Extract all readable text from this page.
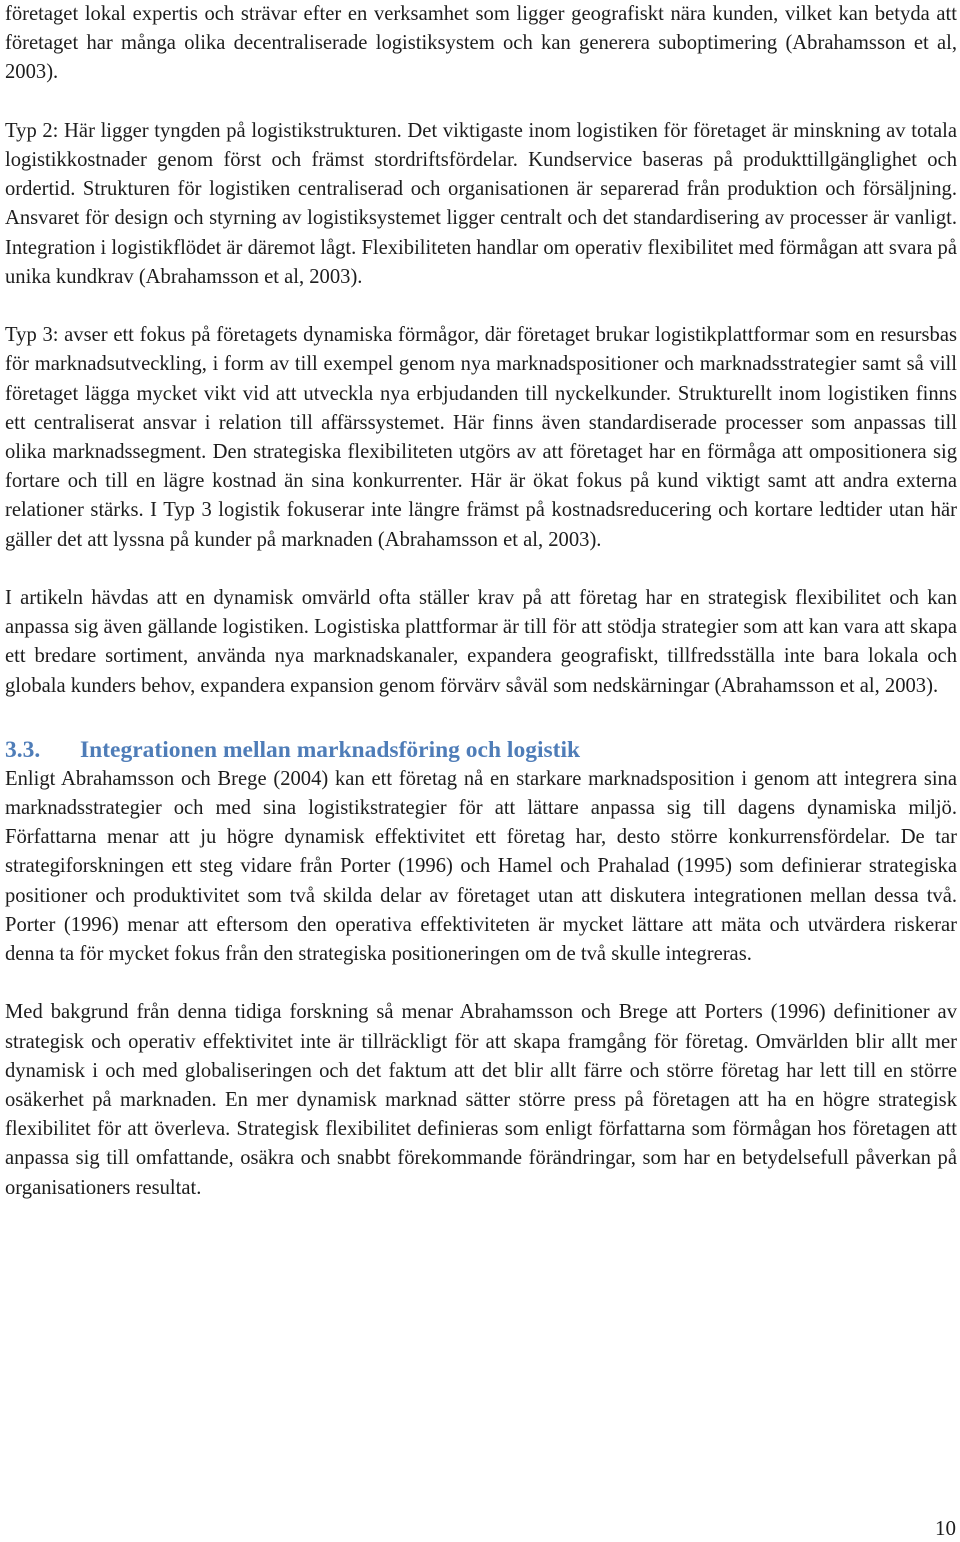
företaget lokal expertis och strävar efter en verksamhet som ligger geografiskt nära kunden, vilket kan betyda att företaget har många olika decentraliserade logistiksystem och kan generera suboptimering (Abrahamsson et al, 2003).

Typ 2: Här ligger tyngden på logistikstrukturen. Det viktigaste inom logistiken för företaget är minskning av totala logistikkostnader genom först och främst stordriftsfördelar. Kundservice baseras på produkttillgänglighet och ordertid. Strukturen för logistiken centraliserad och organisationen är separerad från produktion och försäljning. Ansvaret för design och styrning av logistiksystemet ligger centralt och det standardisering av processer är vanligt. Integration i logistikflödet är däremot lågt. Flexibiliteten handlar om operativ flexibilitet med förmågan att svara på unika kundkrav (Abrahamsson et al, 2003).

Typ 3: avser ett fokus på företagets dynamiska förmågor, där företaget brukar logistikplattformar som en resursbas för marknadsutveckling, i form av till exempel genom nya marknadspositioner och marknadsstrategier samt så vill företaget lägga mycket vikt vid att utveckla nya erbjudanden till nyckelkunder. Strukturellt inom logistiken finns ett centraliserat ansvar i relation till affärssystemet. Här finns även standardiserade processer som anpassas till olika marknadssegment. Den strategiska flexibiliteten utgörs av att företaget har en förmåga att ompositionera sig fortare och till en lägre kostnad än sina konkurrenter. Här är ökat fokus på kund viktigt samt att andra externa relationer stärks. I Typ 3 logistik fokuserar inte längre främst på kostnadsreducering och kortare ledtider utan här gäller det att lyssna på kunder på marknaden (Abrahamsson et al, 2003).

I artikeln hävdas att en dynamisk omvärld ofta ställer krav på att företag har en strategisk flexibilitet och kan anpassa sig även gällande logistiken. Logistiska plattformar är till för att stödja strategier som att kan vara att skapa ett bredare sortiment, använda nya marknadskanaler, expandera geografiskt, tillfredsställa inte bara lokala och globala kunders behov, expandera expansion genom förvärv såväl som nedskärningar (Abrahamsson et al, 2003).

3.3. Integrationen mellan marknadsföring och logistik

Enligt Abrahamsson och Brege (2004) kan ett företag nå en starkare marknadsposition i genom att integrera sina marknadsstrategier och med sina logistikstrategier för att lättare anpassa sig till dagens dynamiska miljö. Författarna menar att ju högre dynamisk effektivitet ett företag har, desto större konkurrensfördelar. De tar strategiforskningen ett steg vidare från Porter (1996) och Hamel och Prahalad (1995) som definierar strategiska positioner och produktivitet som två skilda delar av företaget utan att diskutera integrationen mellan dessa två. Porter (1996) menar att eftersom den operativa effektiviteten är mycket lättare att mäta och utvärdera riskerar denna ta för mycket fokus från den strategiska positioneringen om de två skulle integreras.

Med bakgrund från denna tidiga forskning så menar Abrahamsson och Brege att Porters (1996) definitioner av strategisk och operativ effektivitet inte är tillräckligt för att skapa framgång för företag. Omvärlden blir allt mer dynamisk i och med globaliseringen och det faktum att det blir allt färre och större företag har lett till en större osäkerhet på marknaden. En mer dynamisk marknad sätter större press på företagen att ha en högre strategisk flexibilitet för att överleva. Strategisk flexibilitet definieras som enligt författarna som förmågan hos företagen att anpassa sig till omfattande, osäkra och snabbt förekommande förändringar, som har en betydelsefull påverkan på organisationers resultat.

10
